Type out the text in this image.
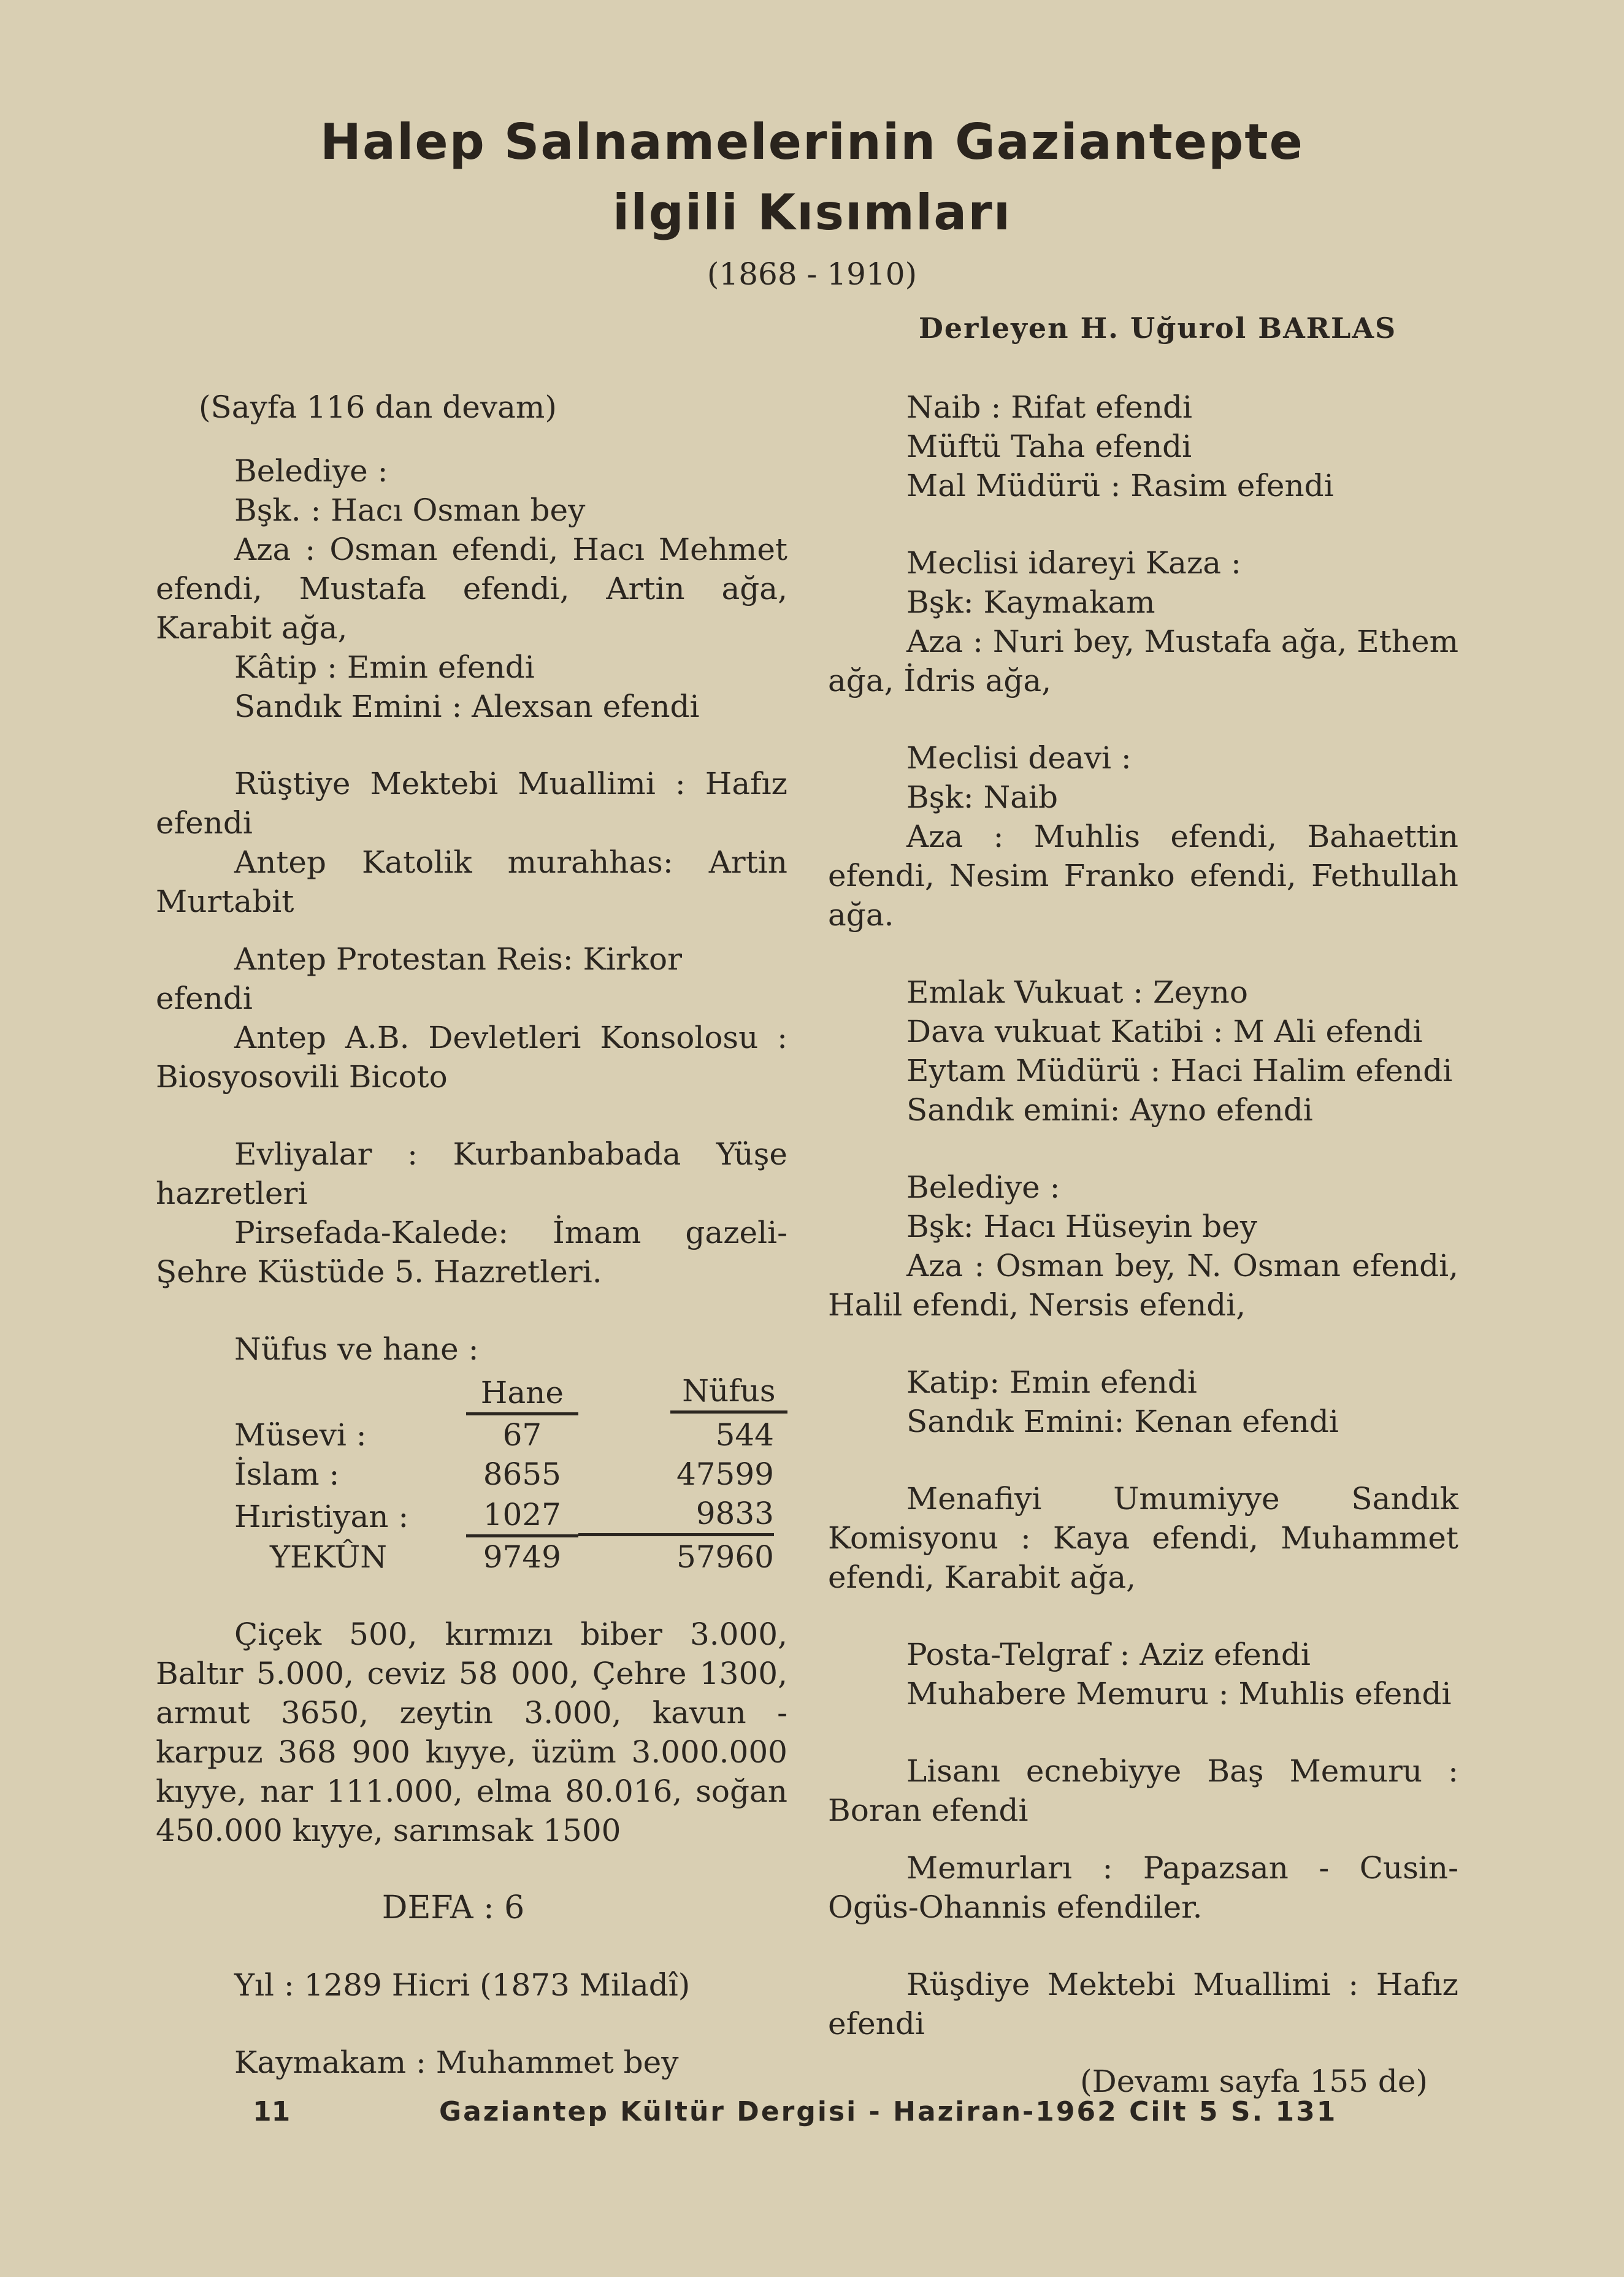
Halep Salnamelerinin Gaziantepte
ilgili Kısımları
(1868 - 1910)
Derleyen H. Uğurol BARLAS

(Sayfa 116 dan devam)

Belediye :

Bşk. : Hacı Osman bey

Aza : Osman efendi, Hacı Mehmet efendi, Mustafa efendi, Artin ağa, Karabit ağa,

Kâtip : Emin efendi

Sandık Emini : Alexsan efendi

Rüştiye Mektebi Muallimi : Hafız efendi

Antep Katolik murahhas: Artin Murtabit

Antep Protestan Reis: Kirkor efendi

Antep A.B. Devletleri Konsolosu : Biosyosovili Bicoto

Evliyalar : Kurbanbabada Yüşe hazretleri

Pirsefada-Kalede: İmam gazeli-Şehre Küstüde 5. Hazretleri.

Nüfus ve hane :

	Hane	Nüfus

Müsevi :	67	544
İslam :	8655	47599
Hıristiyan :	1027	9833

YEKÛN	9749	57960

Çiçek 500, kırmızı biber 3.000, Baltır 5.000, ceviz 58 000, Çehre 1300, armut 3650, zeytin 3.000, kavun - karpuz 368 900 kıyye, üzüm 3.000.000 kıyye, nar 111.000, elma 80.016, soğan 450.000 kıyye, sarımsak 1500

DEFA : 6

Yıl : 1289 Hicri (1873 Miladî)

Kaymakam : Muhammet bey

Naib : Rifat efendi

Müftü Taha efendi

Mal Müdürü : Rasim efendi

Meclisi idareyi Kaza :

Bşk: Kaymakam

Aza : Nuri bey, Mustafa ağa, Ethem ağa, İdris ağa,

Meclisi deavi :

Bşk: Naib

Aza : Muhlis efendi, Bahaettin efendi, Nesim Franko efendi, Fethullah ağa.

Emlak Vukuat : Zeyno

Dava vukuat Katibi : M Ali efendi

Eytam Müdürü : Haci Halim efendi

Sandık emini: Ayno efendi

Belediye :

Bşk: Hacı Hüseyin bey

Aza : Osman bey, N. Osman efendi, Halil efendi, Nersis efendi,

Katip: Emin efendi

Sandık Emini: Kenan efendi

Menafiyi Umumiyye Sandık Komisyonu : Kaya efendi, Muhammet efendi, Karabit ağa,

Posta-Telgraf : Aziz efendi

Muhabere Memuru : Muhlis efendi

Lisanı ecnebiyye Baş Memuru : Boran efendi

Memurları : Papazsan - Cusin-Ogüs-Ohannis efendiler.

Rüşdiye Mektebi Muallimi : Hafız efendi

(Devamı sayfa 155 de)

11	Gaziantep Kültür Dergisi - Haziran-1962 Cilt 5 S. 131
